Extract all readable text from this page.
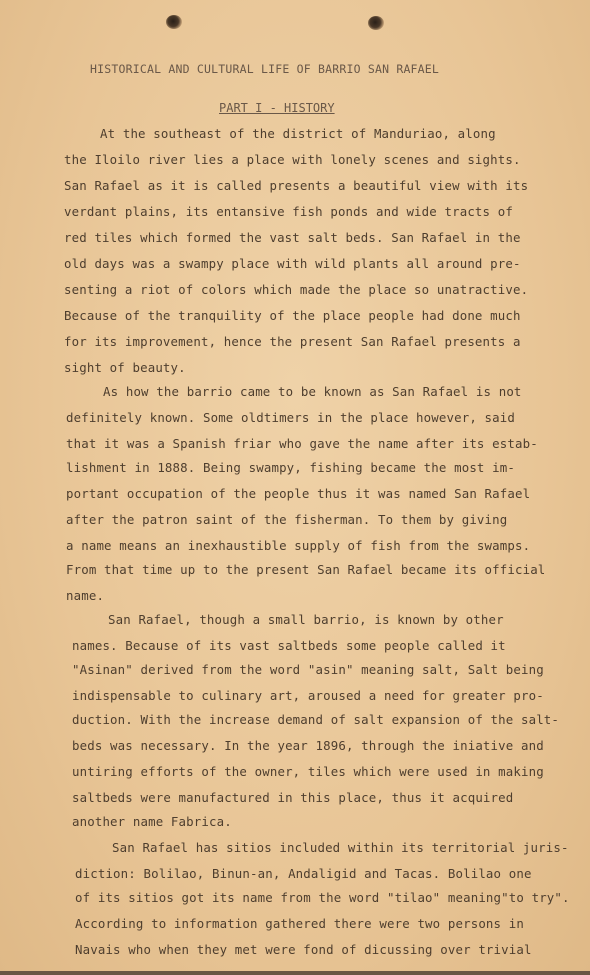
HISTORICAL AND CULTURAL LIFE OF BARRIO SAN RAFAEL
PART I - HISTORY
At the southeast of the district of Manduriao, along
the Iloilo river lies a place with lonely scenes and sights.
San Rafael as it is called presents a beautiful view with its
verdant plains, its entansive fish ponds and wide tracts of
red tiles which formed the vast salt beds. San Rafael in the
old days was a swampy place with wild plants all around pre-
senting a riot of colors which made the place so unatractive.
Because of the tranquility of the place people had done much
for its improvement, hence the present San Rafael presents a
sight of beauty.
As how the barrio came to be known as San Rafael is not
definitely known. Some oldtimers in the place however, said
that it was a Spanish friar who gave the name after its estab-
lishment in 1888. Being swampy, fishing became the most im-
portant occupation of the people thus it was named San Rafael
after the patron saint of the fisherman. To them by giving
a name means an inexhaustible supply of fish from the swamps.
From that time up to the present San Rafael became its official
name.
San Rafael, though a small barrio, is known by other
names. Because of its vast saltbeds some people called it
"Asinan" derived from the word "asin" meaning salt, Salt being
indispensable to culinary art, aroused a need for greater pro-
duction. With the increase demand of salt expansion of the salt-
beds was necessary. In the year 1896, through the iniative and
untiring efforts of the owner, tiles which were used in making
saltbeds were manufactured in this place, thus it acquired
another name Fabrica.
San Rafael has sitios included within its territorial juris-
diction: Bolilao, Binun-an, Andaligid and Tacas. Bolilao one
of its sitios got its name from the word "tilao" meaning"to try".
According to information gathered there were two persons in
Navais who when they met were fond of dicussing over trivial
